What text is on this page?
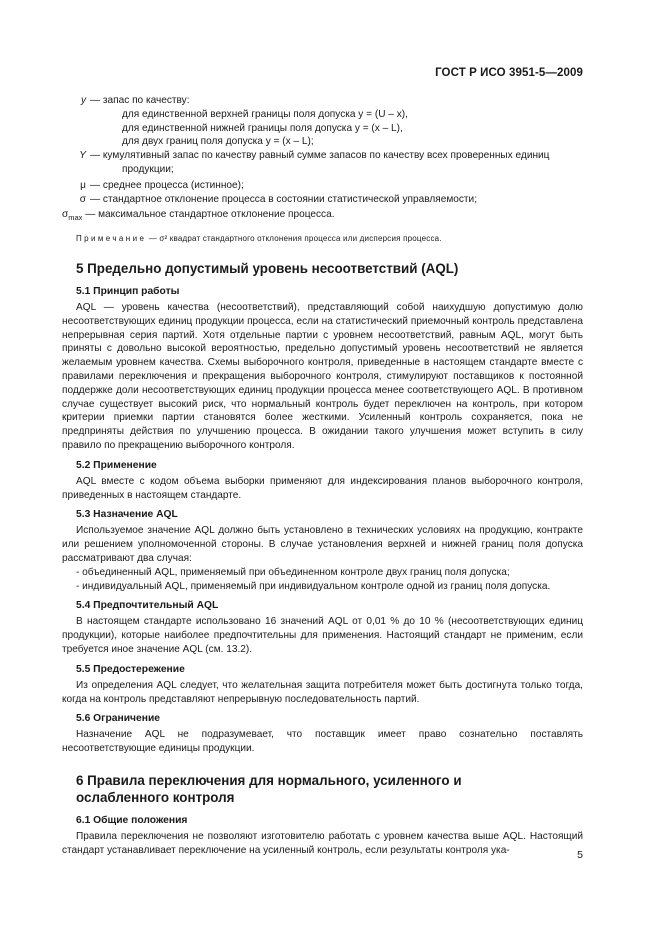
ГОСТ Р ИСО 3951-5—2009
y — запас по качеству:
для единственной верхней границы поля допуска y = (U – x),
для единственной нижней границы поля допуска y = (x – L),
для двух границ поля допуска y = (x – L);
Y — кумулятивный запас по качеству равный сумме запасов по качеству всех проверенных единиц
продукции;
μ — среднее процесса (истинное);
σ — стандартное отклонение процесса в состоянии статистической управляемости;
$\sigma_{max}$ — максимальное стандартное отклонение процесса.
Примечание — σ² квадрат стандартного отклонения процесса или дисперсия процесса.
5 Предельно допустимый уровень несоответствий (AQL)
5.1 Принцип работы

AQL — уровень качества (несоответствий), представляющий собой наихудшую допустимую долю несоответствующих единиц продукции процесса, если на статистический приемочный контроль представлена непрерывная серия партий. Хотя отдельные партии с уровнем несоответствий, равным AQL, могут быть приняты с довольно высокой вероятностью, предельно допустимый уровень несоответствий не является желаемым уровнем качества. Схемы выборочного контроля, приведенные в настоящем стандарте вместе с правилами переключения и прекращения выборочного контроля, стимулируют поставщиков к постоянной поддержке доли несоответствующих единиц продукции процесса менее соответствующего AQL. В противном случае существует высокий риск, что нормальный контроль будет переключен на контроль, при котором критерии приемки партии становятся более жесткими. Усиленный контроль сохраняется, пока не предприняты действия по улучшению процесса. В ожидании такого улучшения может вступить в силу правило по прекращению выборочного контроля.

5.2 Применение

AQL вместе с кодом объема выборки применяют для индексирования планов выборочного контроля, приведенных в настоящем стандарте.

5.3 Назначение AQL

Используемое значение AQL должно быть установлено в технических условиях на продукцию, контракте или решением уполномоченной стороны. В случае установления верхней и нижней границ поля допуска рассматривают два случая:

- объединенный AQL, применяемый при объединенном контроле двух границ поля допуска;

- индивидуальный AQL, применяемый при индивидуальном контроле одной из границ поля допуска.

5.4 Предпочтительный AQL

В настоящем стандарте использовано 16 значений AQL от 0,01 % до 10 % (несоответствующих единиц продукции), которые наиболее предпочтительны для применения. Настоящий стандарт не применим, если требуется иное значение AQL (см. 13.2).

5.5 Предостережение

Из определения AQL следует, что желательная защита потребителя может быть достигнута только тогда, когда на контроль представляют непрерывную последовательность партий.

5.6 Ограничение

Назначение AQL не подразумевает, что поставщик имеет право сознательно поставлять несоответствующие единицы продукции.

6 Правила переключения для нормального, усиленного и ослабленного контроля
6.1 Общие положения

Правила переключения не позволяют изготовителю работать с уровнем качества выше AQL. Настоящий стандарт устанавливает переключение на усиленный контроль, если результаты контроля ука-	5
